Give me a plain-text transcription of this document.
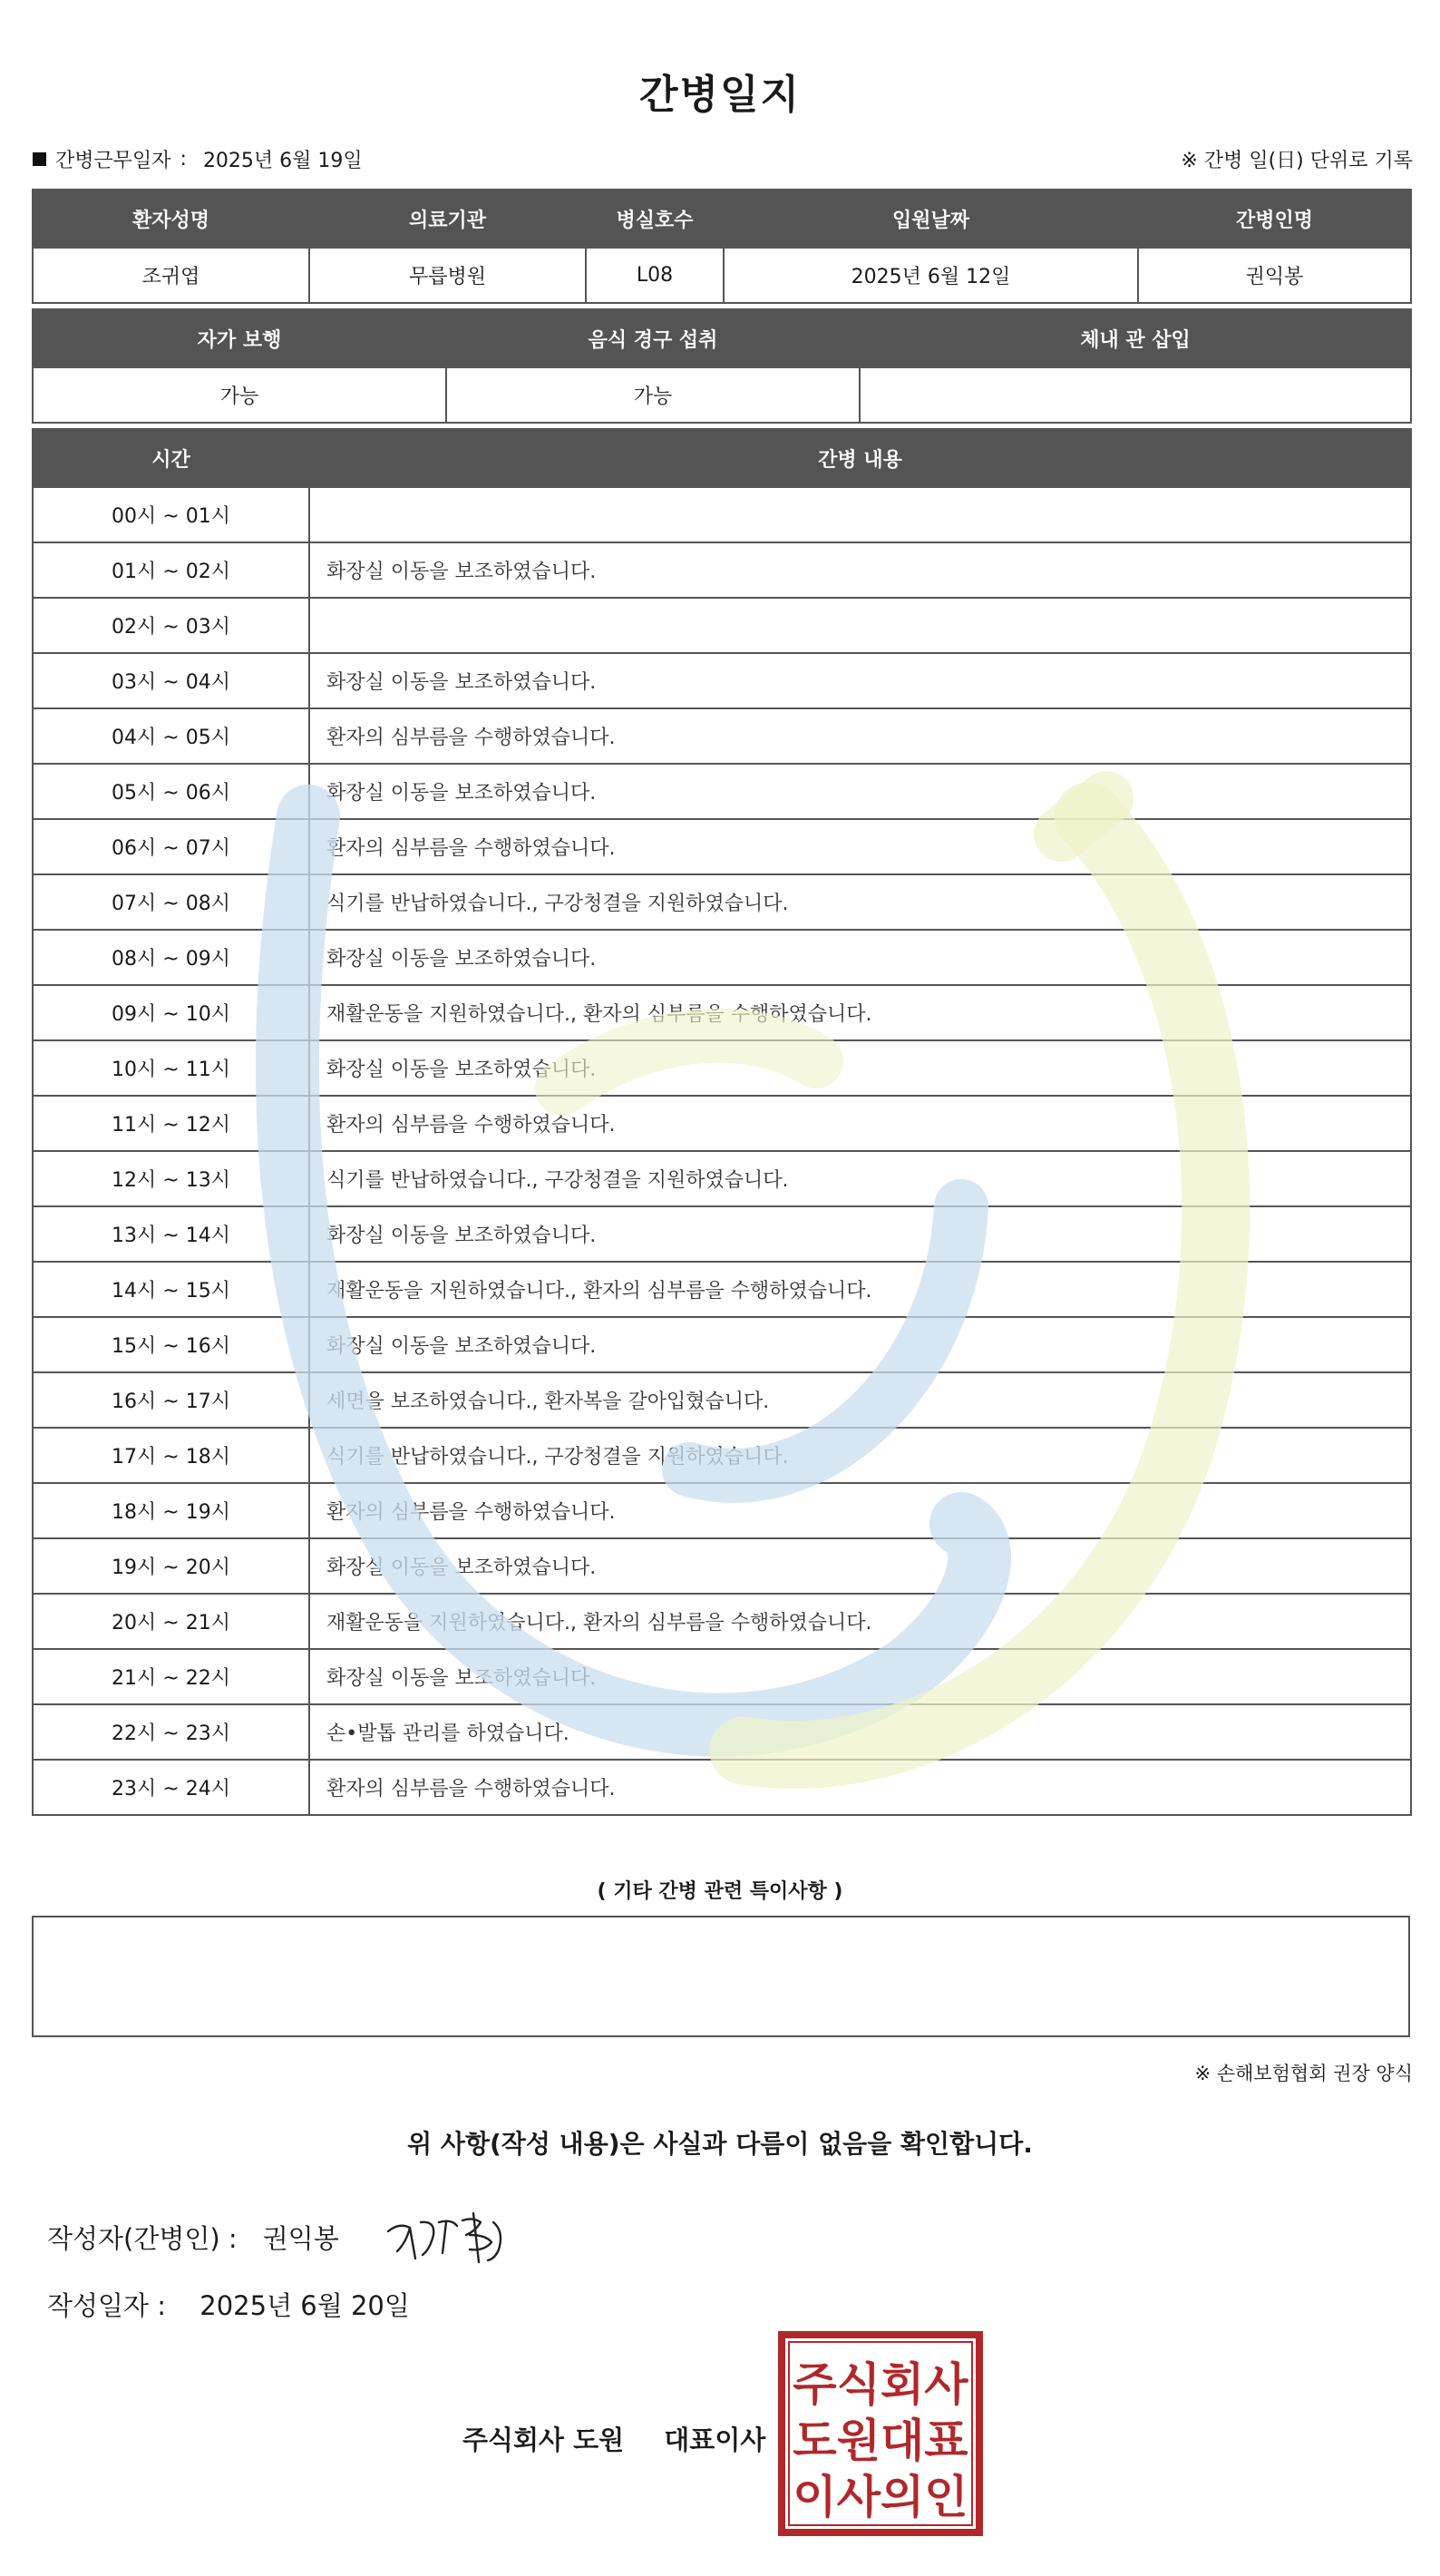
간병일지
간병근무일자 : 2025년 6월 19일	※ 간병 일(日) 단위로 기록
환자성명	의료기관	병실호수	입원날짜	간병인명
조귀엽	무릅병원	L08	2025년 6월 12일	권익봉
자가 보행	음식 경구 섭취	체내 관 삽입
가능	가능	
시간	간병 내용
00시 ~ 01시	
01시 ~ 02시	화장실 이동을 보조하였습니다.
02시 ~ 03시	
03시 ~ 04시	화장실 이동을 보조하였습니다.
04시 ~ 05시	환자의 심부름을 수행하였습니다.
05시 ~ 06시	화장실 이동을 보조하였습니다.
06시 ~ 07시	환자의 심부름을 수행하였습니다.
07시 ~ 08시	식기를 반납하였습니다., 구강청결을 지원하였습니다.
08시 ~ 09시	화장실 이동을 보조하였습니다.
09시 ~ 10시	재활운동을 지원하였습니다., 환자의 심부름을 수행하였습니다.
10시 ~ 11시	화장실 이동을 보조하였습니다.
11시 ~ 12시	환자의 심부름을 수행하였습니다.
12시 ~ 13시	식기를 반납하였습니다., 구강청결을 지원하였습니다.
13시 ~ 14시	화장실 이동을 보조하였습니다.
14시 ~ 15시	재활운동을 지원하였습니다., 환자의 심부름을 수행하였습니다.
15시 ~ 16시	화장실 이동을 보조하였습니다.
16시 ~ 17시	세면을 보조하였습니다., 환자복을 갈아입혔습니다.
17시 ~ 18시	식기를 반납하였습니다., 구강청결을 지원하였습니다.
18시 ~ 19시	환자의 심부름을 수행하였습니다.
19시 ~ 20시	화장실 이동을 보조하였습니다.
20시 ~ 21시	재활운동을 지원하였습니다., 환자의 심부름을 수행하였습니다.
21시 ~ 22시	화장실 이동을 보조하였습니다.
22시 ~ 23시	손•발톱 관리를 하였습니다.
23시 ~ 24시	환자의 심부름을 수행하였습니다.
( 기타 간병 관련 특이사항 )
※ 손해보험협회 권장 양식
위 사항(작성 내용)은 사실과 다름이 없음을 확인합니다.
작성자(간병인) : 권익봉
작성일자 : 2025년 6월 20일
주식회사 도원 대표이사
주식회사
도원대표
이사의인
